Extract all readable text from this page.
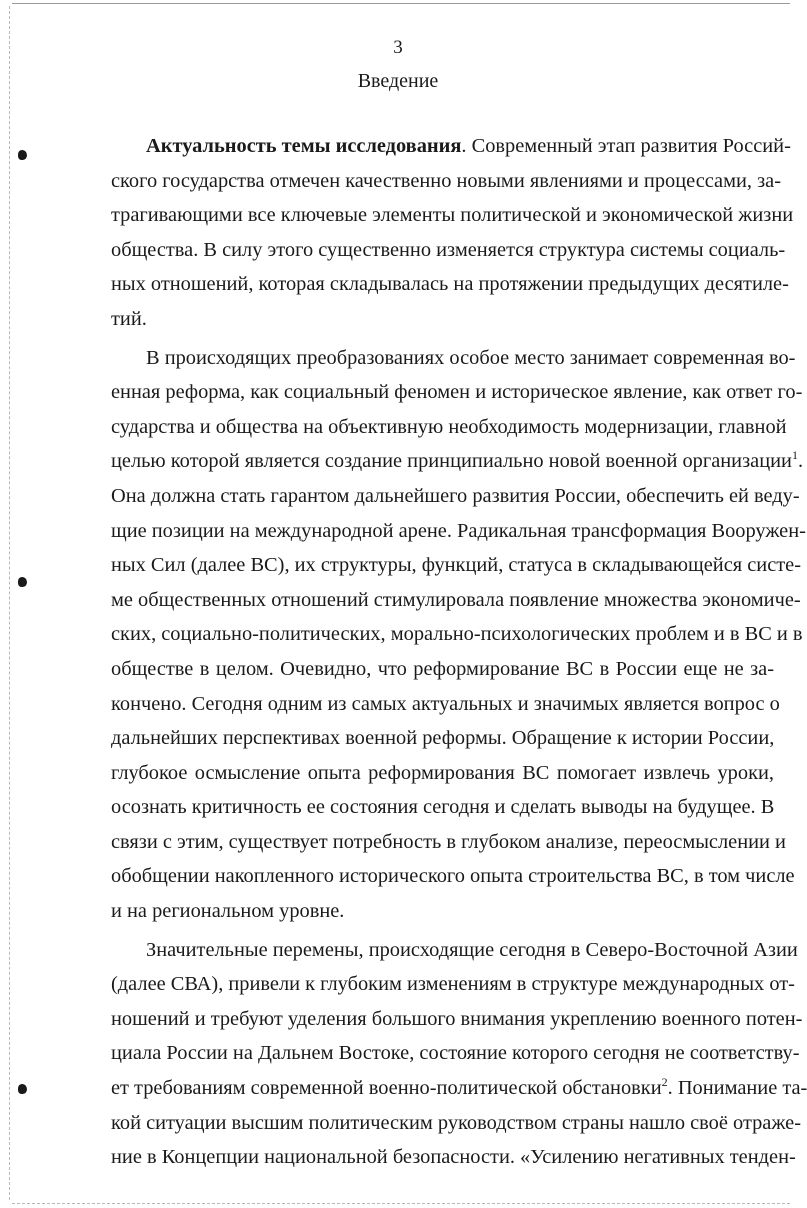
3
Введение
Актуальность темы исследования. Современный этап развития Россий-
ского государства отмечен качественно новыми явлениями и процессами, за-
трагивающими все ключевые элементы политической и экономической жизни
общества. В силу этого существенно изменяется структура системы социаль-
ных отношений, которая складывалась на протяжении предыдущих десятиле-
тий.
В происходящих преобразованиях особое место занимает современная во-
енная реформа, как социальный феномен и историческое явление, как ответ го-
сударства и общества на объективную необходимость модернизации, главной
целью которой является создание принципиально новой военной организации$^1$.
Она должна стать гарантом дальнейшего развития России, обеспечить ей веду-
щие позиции на международной арене. Радикальная трансформация Вооружен-
ных Сил (далее ВС), их структуры, функций, статуса в складывающейся систе-
ме общественных отношений стимулировала появление множества экономиче-
ских, социально-политических, морально-психологических проблем и в ВС и в
обществе в целом. Очевидно, что реформирование ВС в России еще не за-
кончено. Сегодня одним из самых актуальных и значимых является вопрос о
дальнейших перспективах военной реформы. Обращение к истории России,
глубокое осмысление опыта реформирования ВС помогает извлечь уроки,
осознать критичность ее состояния сегодня и сделать выводы на будущее. В
связи с этим, существует потребность в глубоком анализе, переосмыслении и
обобщении накопленного исторического опыта строительства ВС, в том числе
и на региональном уровне.
Значительные перемены, происходящие сегодня в Северо-Восточной Азии
(далее СВА), привели к глубоким изменениям в структуре международных от-
ношений и требуют уделения большого внимания укреплению военного потен-
циала России на Дальнем Востоке, состояние которого сегодня не соответству-
ет требованиям современной военно-политической обстановки$^2$. Понимание та-
кой ситуации высшим политическим руководством страны нашло своё отраже-
ние в Концепции национальной безопасности. «Усилению негативных тенден-
